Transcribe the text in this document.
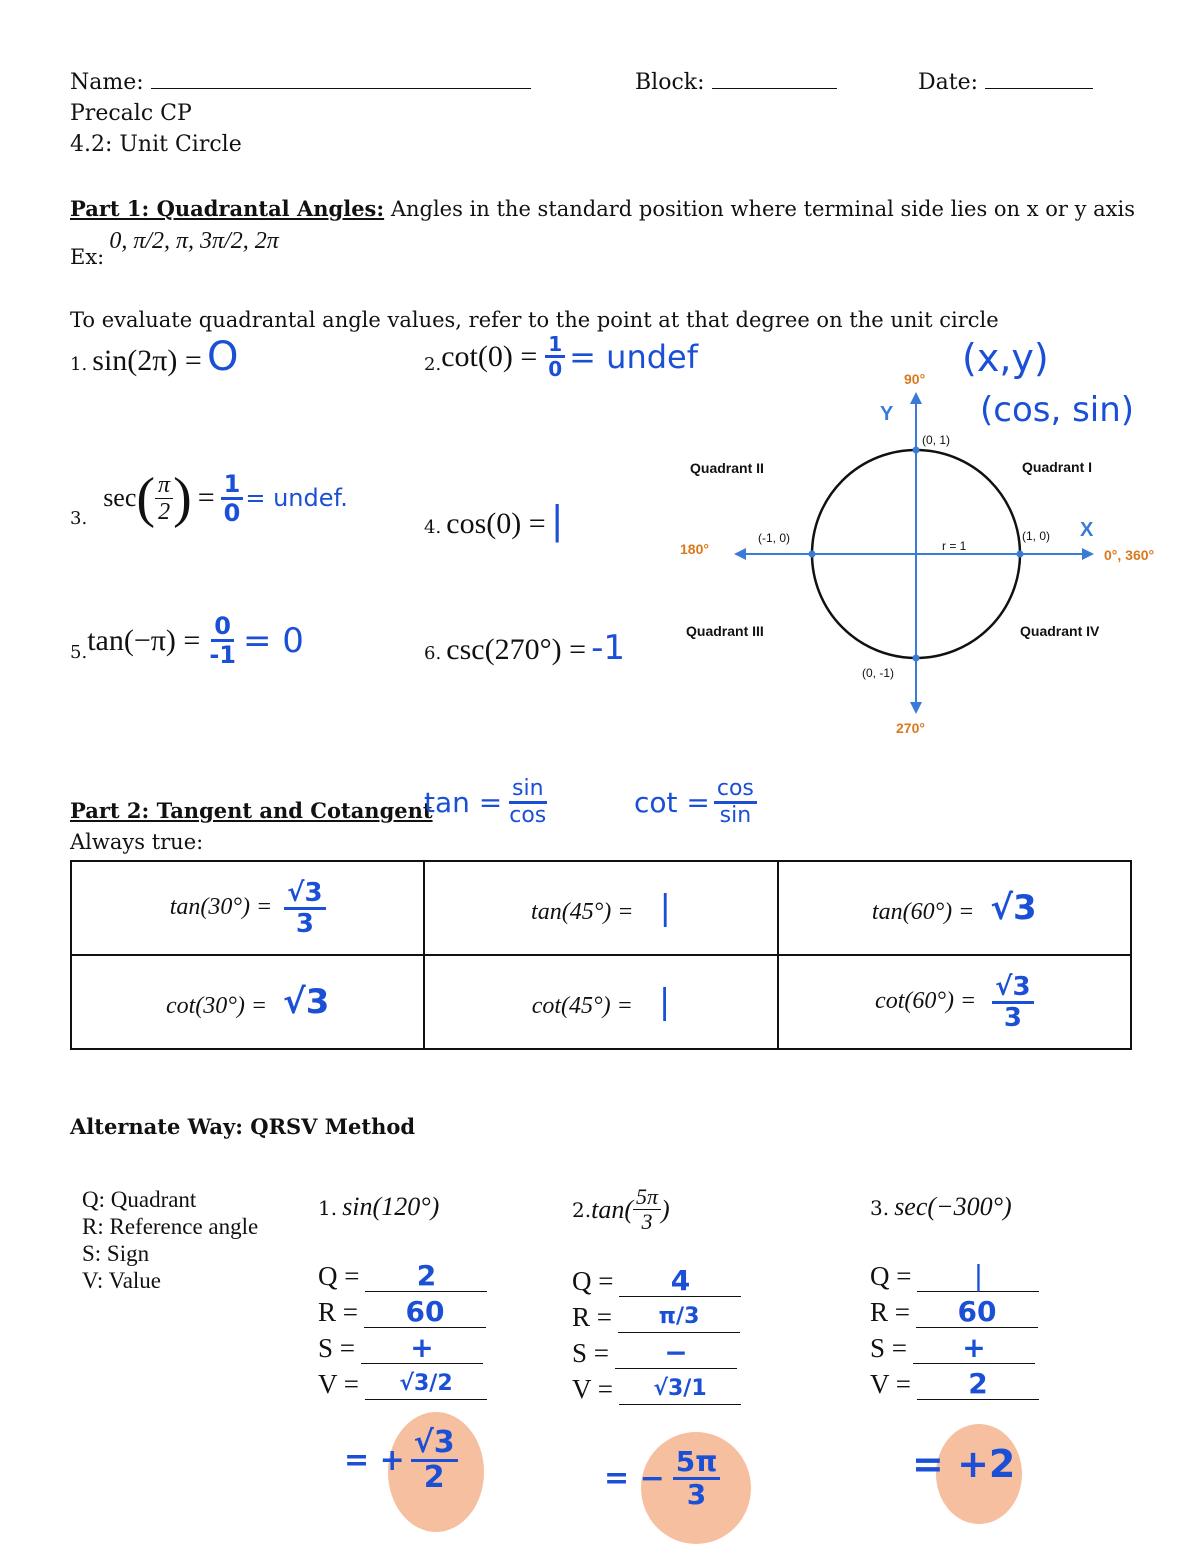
Name:	Block:	Date:
Precalc CP
4.2: Unit Circle
Part 1: Quadrantal Angles: Angles in the standard position where terminal side lies on x or y axis
Ex: 0, π/2, π, 3π/2, 2π
To evaluate quadrantal angle values, refer to the point at that degree on the unit circle
1. sin(2π) = O	2. $\cot(0) = \frac{1}{0}$ = undef	(x,y)
(cos, sin)
3.
sec ( $\frac{\pi}{2}$ ) = $\frac{1}{0}$ = undef.
4. cos(0) = |
5. $\tan(-\pi) = \frac{0}{-1} = 0$	6. csc(270°) = -1
90°
Y
(0, 1)
Quadrant II	Quadrant I
(-1, 0)	(1, 0) X
r = 1
180°	0°, 360°
Quadrant III	Quadrant IV
(0, -1)
270°
Part 2: Tangent and Cotangent
Always true:
$\tan = \frac{\sin}{\cos}$	$\cot = \frac{\cos}{\sin}$
$\tan(30^\circ) = \frac{√3}{3}$	tan(45°) = |	tan(60°) = √3
cot(30°) = √3	cot(45°) = |	$\cot(60^\circ) = \frac{√3}{3}$
Alternate Way: QRSV Method
Q: Quadrant
R: Reference angle
S: Sign
V: Value
1. sin(120°)
Q =	2
R =	60
S =	+
V =	√3/2
= + $\frac{√3}{2}$
2. $\tan( \frac{5\pi}{3}$ )
Q =	4
R =	π/3
S =	−
V =	√3/1
= − $\frac{5\pi}{3}$
3. sec(−300°)
Q =	|
R =	60
S =	+
V =	2
= +2
